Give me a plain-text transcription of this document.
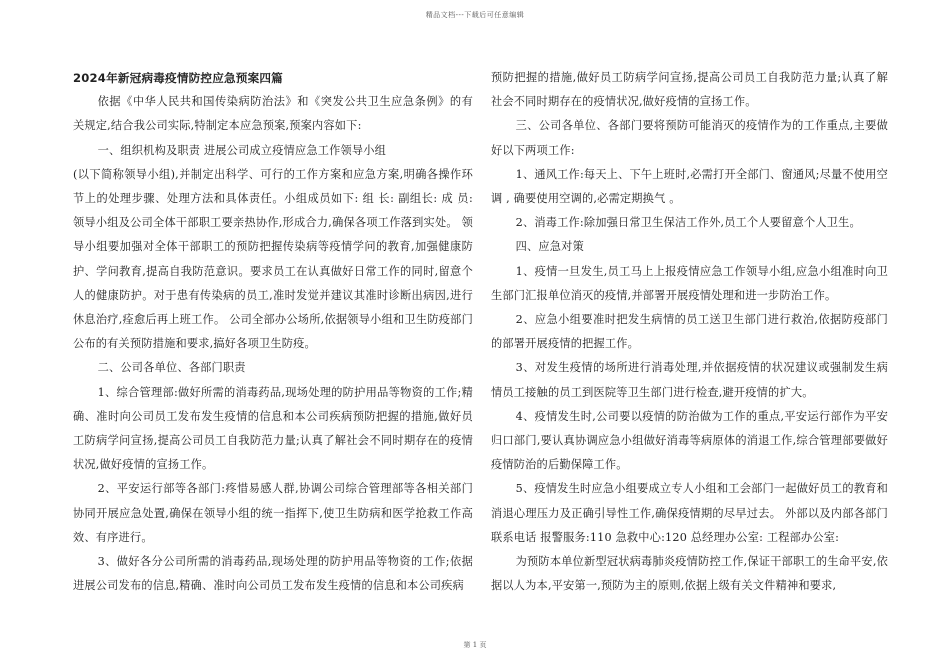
精品文档---下载后可任意编辑

2024年新冠病毒疫情防控应急预案四篇

依据《中华人民共和国传染病防治法》和《突发公共卫生应急条例》的有关规定,结合我公司实际,特制定本应急预案,预案内容如下:

一、组织机构及职责 进展公司成立疫情应急工作领导小组

(以下简称领导小组),并制定出科学、可行的工作方案和应急方案,明确各操作环节上的处理步骤、处理方法和具体责任。小组成员如下: 组 长: 副组长: 成 员: 领导小组及公司全体干部职工要亲热协作,形成合力,确保各项工作落到实处。 领导小组要加强对全体干部职工的预防把握传染病等疫情学问的教育,加强健康防护、学问教育,提高自我防范意识。要求员工在认真做好日常工作的同时,留意个人的健康防护。对于患有传染病的员工,准时发觉并建议其准时诊断出病因,进行休息治疗,痊愈后再上班工作。 公司全部办公场所,依据领导小组和卫生防疫部门公布的有关预防措施和要求,搞好各项卫生防疫。

二、公司各单位、各部门职责

1、综合管理部:做好所需的消毒药品,现场处理的防护用品等物资的工作;精确、准时向公司员工发布发生疫情的信息和本公司疾病预防把握的措施,做好员工防病学问宣扬,提高公司员工自我防范力量;认真了解社会不同时期存在的疫情状况,做好疫情的宣扬工作。

2、平安运行部等各部门:疼惜易感人群,协调公司综合管理部等各相关部门协同开展应急处置,确保在领导小组的统一指挥下,使卫生防病和医学抢救工作高效、有序进行。

3、做好各分公司所需的消毒药品,现场处理的防护用品等物资的工作;依据进展公司发布的信息,精确、准时向公司员工发布发生疫情的信息和本公司疾病

预防把握的措施,做好员工防病学问宣扬,提高公司员工自我防范力量;认真了解社会不同时期存在的疫情状况,做好疫情的宣扬工作。

三、公司各单位、各部门要将预防可能消灭的疫情作为的工作重点,主要做好以下两项工作:

1、通风工作:每天上、下午上班时,必需打开全部门、窗通风;尽量不使用空调 , 确要使用空调的,必需定期换气 。

2、消毒工作:除加强日常卫生保洁工作外,员工个人要留意个人卫生。

四、应急对策

1、疫情一旦发生,员工马上上报疫情应急工作领导小组,应急小组准时向卫生部门汇报单位消灭的疫情,并部署开展疫情处理和进一步防治工作。

2、应急小组要准时把发生病情的员工送卫生部门进行救治,依据防疫部门的部署开展疫情的把握工作。

3、对发生疫情的场所进行消毒处理,并依据疫情的状况建议或强制发生病情员工接触的员工到医院等卫生部门进行检查,避开疫情的扩大。

4、疫情发生时,公司要以疫情的防治做为工作的重点,平安运行部作为平安归口部门,要认真协调应急小组做好消毒等病原体的消退工作,综合管理部要做好疫情防治的后勤保障工作。

5、疫情发生时应急小组要成立专人小组和工会部门一起做好员工的教育和消退心理压力及正确引导性工作,确保疫情期的尽早过去。 外部以及内部各部门联系电话 报警服务:110 急救中心:120 总经理办公室: 工程部办公室:

为预防本单位新型冠状病毒肺炎疫情防控工作,保证干部职工的生命平安,依据以人为本,平安第一,预防为主的原则,依据上级有关文件精神和要求,

第 1 页
